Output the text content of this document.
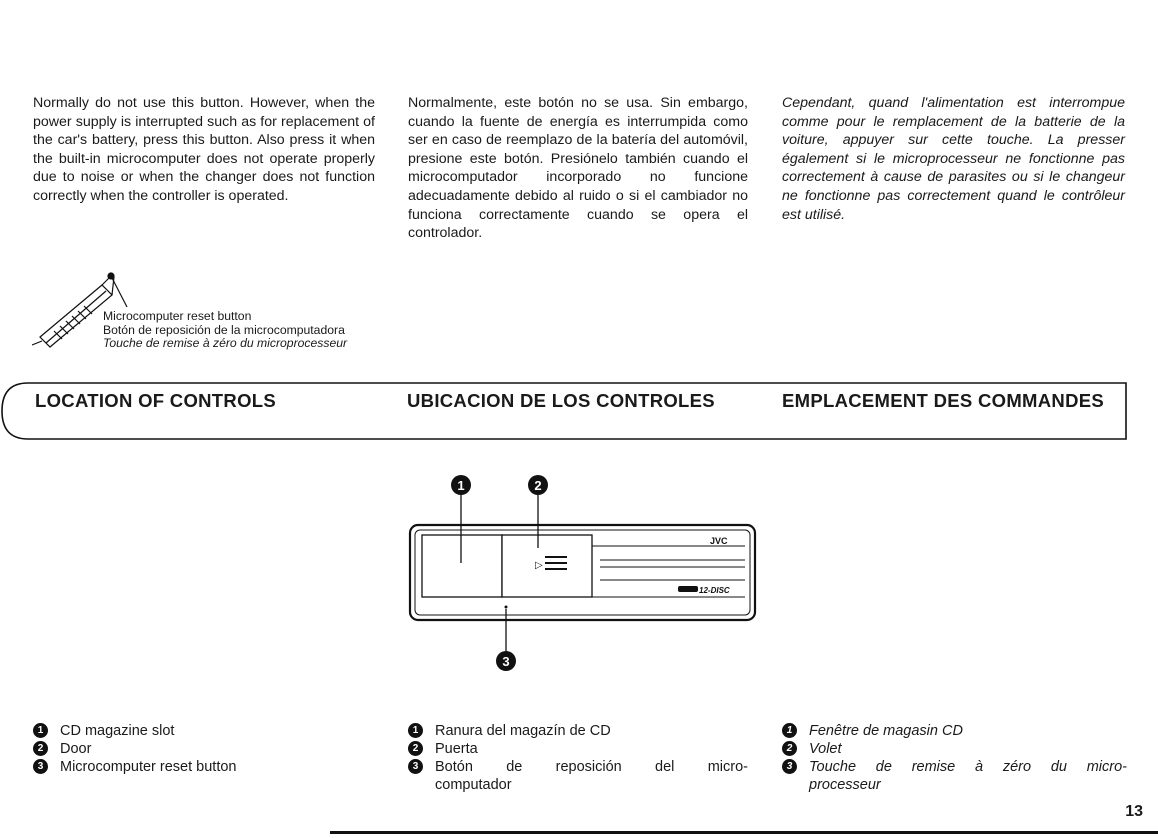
Normally do not use this button. However, when the power supply is interrupted such as for replacement of the car's battery, press this button. Also press it when the built-in microcomputer does not operate properly due to noise or when the changer does not function correctly when the controller is operated.

Normalmente, este botón no se usa. Sin embargo, cuando la fuente de energía es interrumpida como ser en caso de reemplazo de la batería del automóvil, presione este botón. Presiónelo también cuando el microcomputador incorporado no funcione adecuadamente debido al ruido o si el cambiador no funciona correctamente cuando se opera el controlador.

Cependant, quand l'alimentation est interrompue comme pour le remplacement de la batterie de la voiture, appuyer sur cette touche. La presser également si le microprocesseur ne fonctionne pas correctement à cause de parasites ou si le changeur ne fonctionne pas correctement quand le contrôleur est utilisé.

Microcomputer reset button
Botón de reposición de la microcomputadora
Touche de remise à zéro du microprocesseur
LOCATION OF CONTROLS	UBICACION DE LOS CONTROLES	EMPLACEMENT DES COMMANDES
▷
JVC
12-DISC
1	2
3
1	CD magazine slot
2	Door
3	Microcomputer reset button
1	Ranura del magazín de CD
2	Puerta
3	Botón de reposición del micro-
computador
1	Fenêtre de magasin CD
2	Volet
3	Touche de remise à zéro du micro-
processeur
13
